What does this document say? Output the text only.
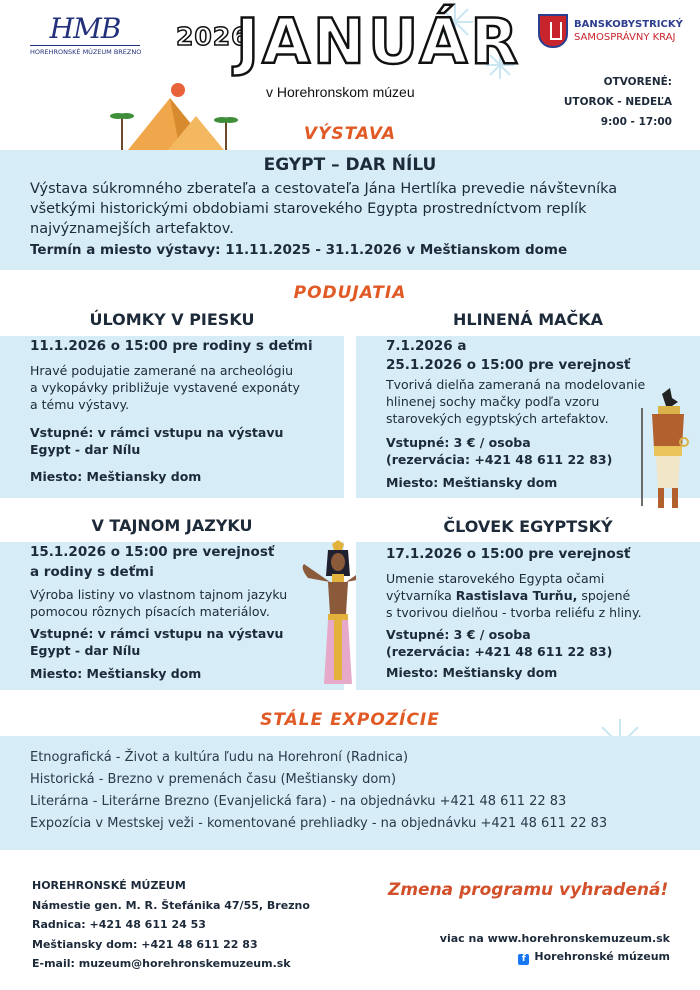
HMB
HOREHRONSKÉ MÚZEUM BREZNO
2026
JANUÁR
v Horehronskom múzeu
BANSKOBYSTRICKÝ
SAMOSPRÁVNY KRAJ
OTVORENÉ:
UTOROK - NEDEĽA
9:00 - 17:00
VÝSTAVA
EGYPT – DAR NÍLU
Výstava súkromného zberateľa a cestovateľa Jána Hertlíka prevedie návštevníka
všetkými historickými obdobiami starovekého Egypta prostredníctvom replík
najvýznamejších artefaktov.
Termín a miesto výstavy: 11.11.2025 - 31.1.2026 v Meštianskom dome
PODUJATIA
ÚLOMKY V PIESKU
11.1.2026 o 15:00 pre rodiny s deťmi
Hravé podujatie zamerané na archeológiu
a vykopávky približuje vystavené exponáty
a tému výstavy.
Vstupné: v rámci vstupu na výstavu
Egypt - dar Nílu
Miesto: Meštiansky dom
HLINENÁ MAČKA
7.1.2026 a
25.1.2026 o 15:00 pre verejnosť
Tvorivá dielňa zameraná na modelovanie
hlinenej sochy mačky podľa vzoru
starovekých egyptských artefaktov.
Vstupné: 3 € / osoba
(rezervácia: +421 48 611 22 83)
Miesto: Meštiansky dom
V TAJNOM JAZYKU
15.1.2026 o 15:00 pre verejnosť
a rodiny s deťmi
Výroba listiny vo vlastnom tajnom jazyku
pomocou rôznych písacích materiálov.
Vstupné: v rámci vstupu na výstavu
Egypt - dar Nílu
Miesto: Meštiansky dom
ČLOVEK EGYPTSKÝ
17.1.2026 o 15:00 pre verejnosť
Umenie starovekého Egypta očami
výtvarníka Rastislava Turňu, spojené
s tvorivou dielňou - tvorba reliéfu z hliny.
Vstupné: 3 € / osoba
(rezervácia: +421 48 611 22 83)
Miesto: Meštiansky dom
STÁLE EXPOZÍCIE
Etnografická - Život a kultúra ľudu na Horehroní (Radnica)
Historická - Brezno v premenách času (Meštiansky dom)
Literárna - Literárne Brezno (Evanjelická fara) - na objednávku +421 48 611 22 83
Expozícia v Mestskej veži - komentované prehliadky - na objednávku +421 48 611 22 83
HOREHRONSKÉ MÚZEUM
Námestie gen. M. R. Štefánika 47/55, Brezno
Radnica: +421 48 611 24 53
Meštiansky dom: +421 48 611 22 83
E-mail: muzeum@horehronskemuzeum.sk
Zmena programu vyhradená!
viac na www.horehronskemuzeum.sk
f Horehronské múzeum
